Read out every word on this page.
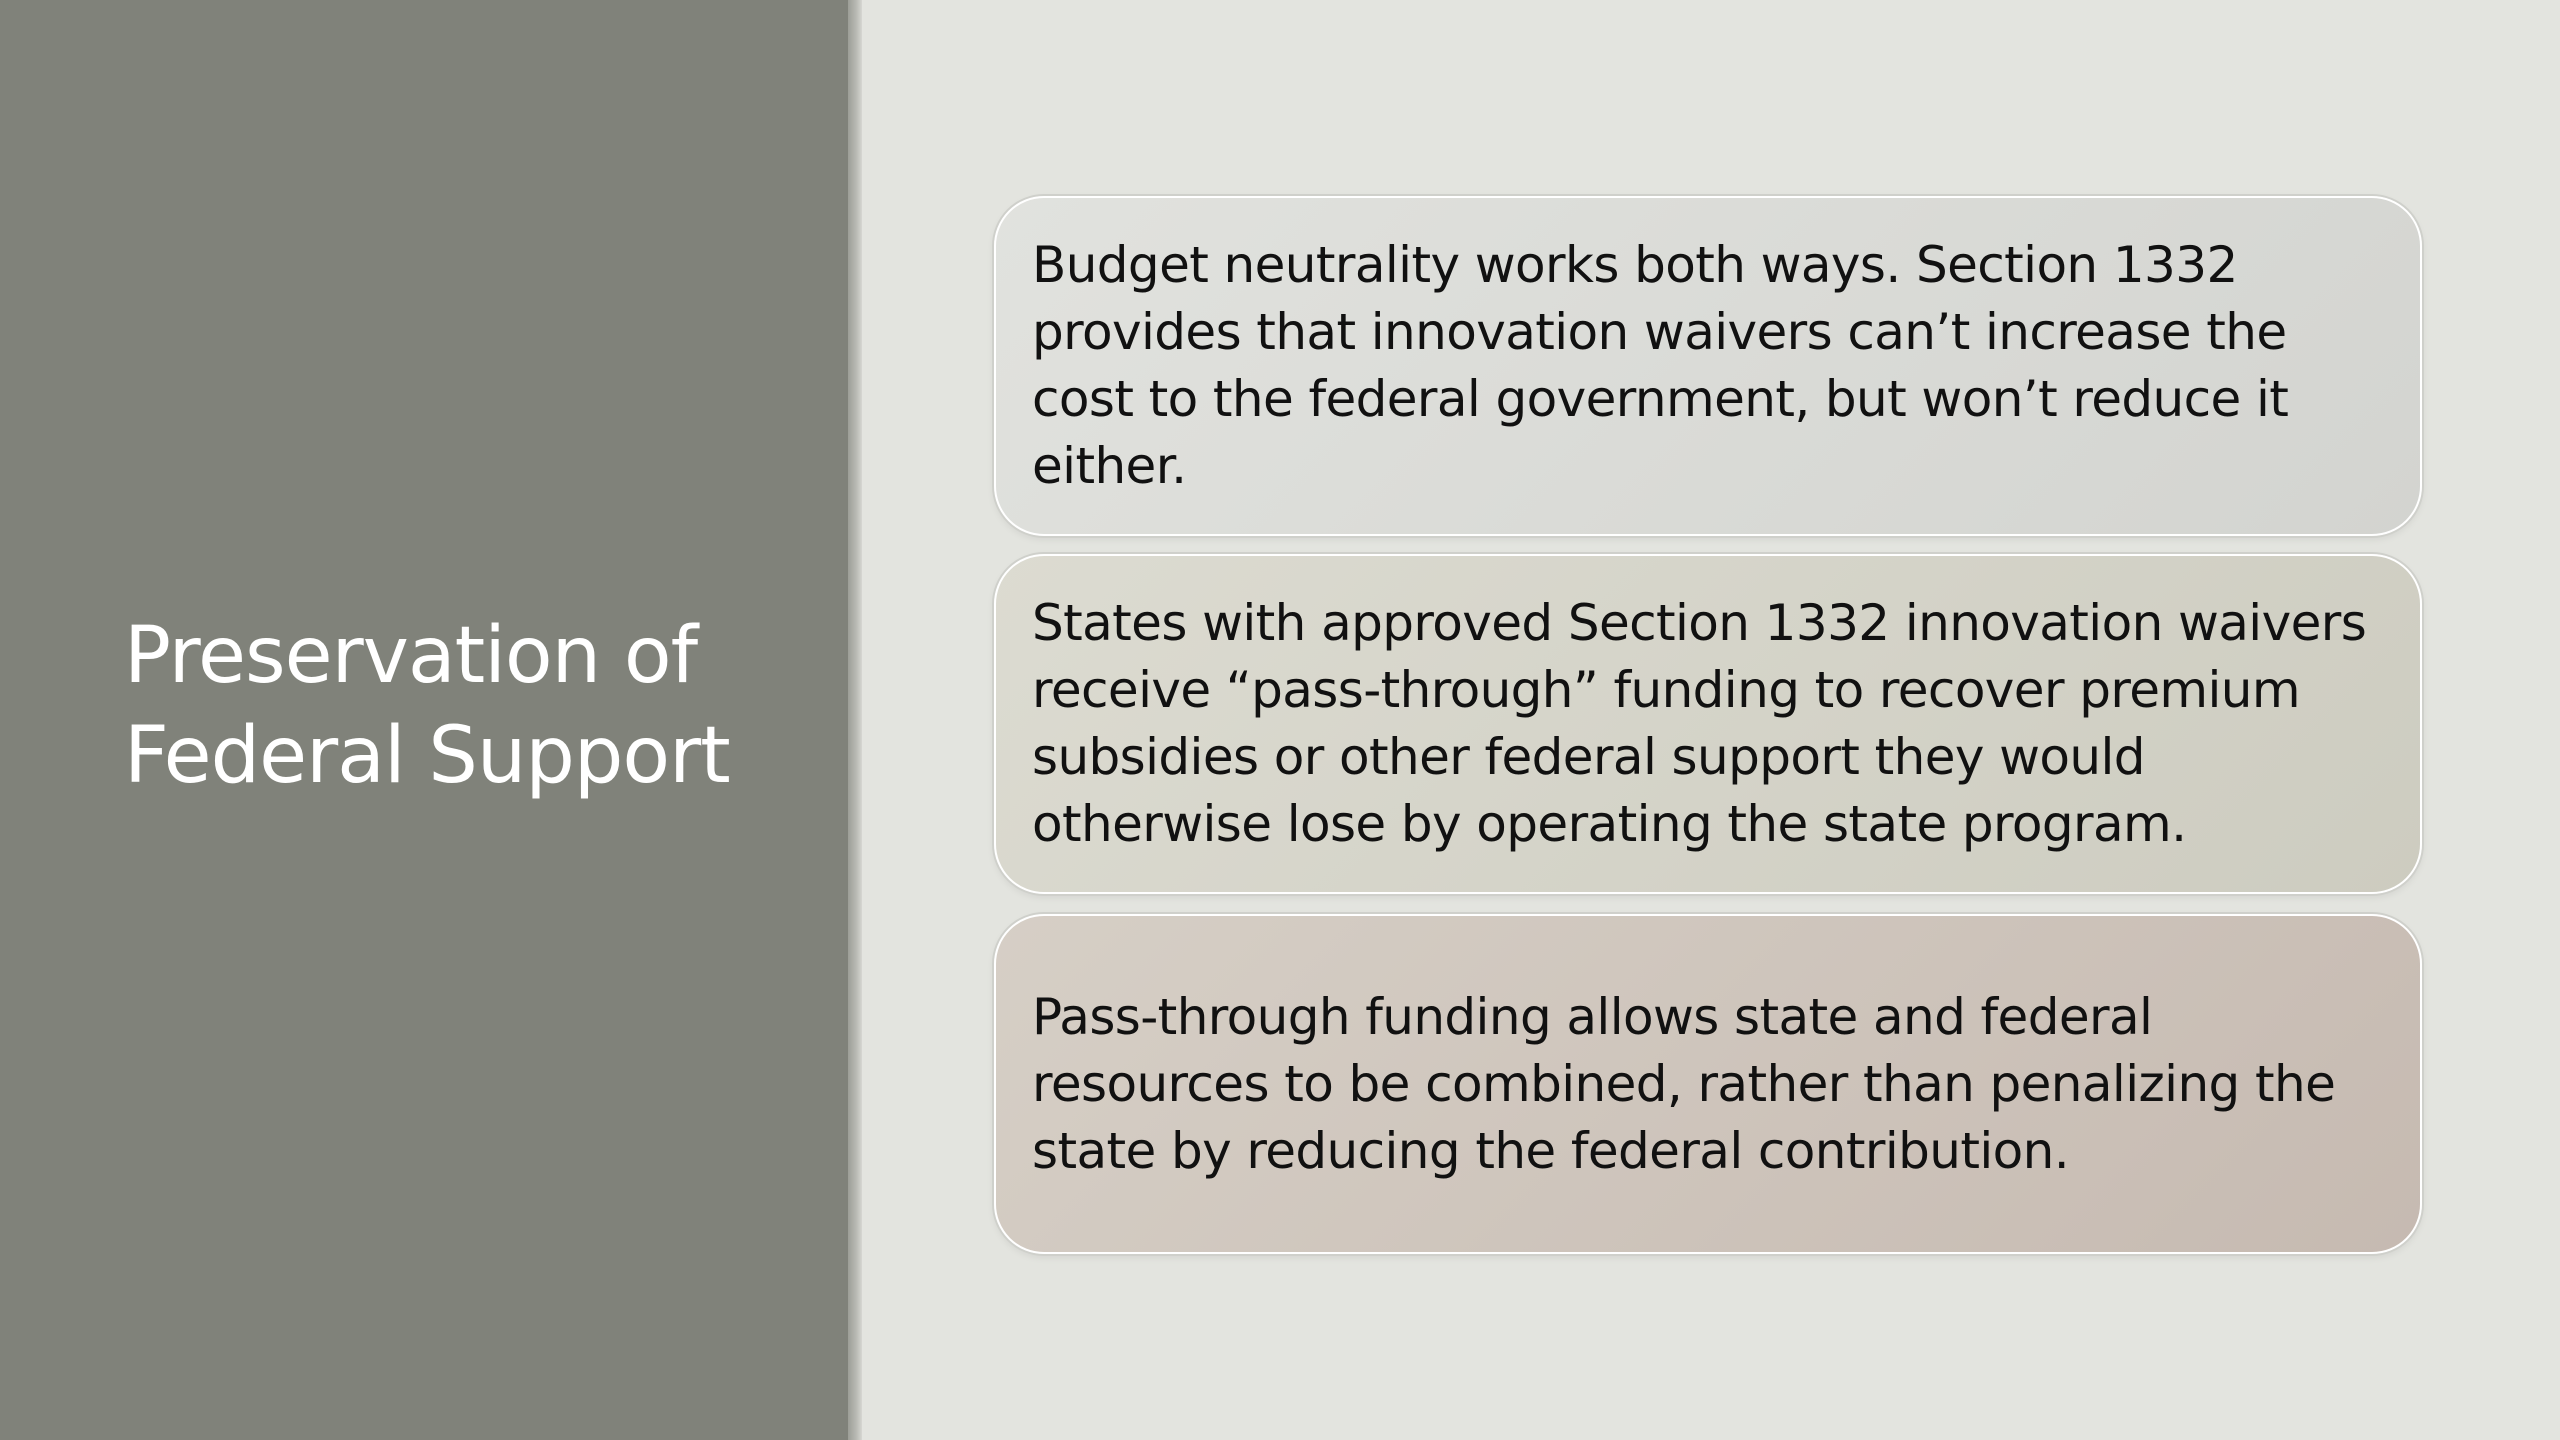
Preservation of Federal Support

Budget neutrality works both ways. Section 1332 provides that innovation waivers can’t increase the cost to the federal government, but won’t reduce it either.

States with approved Section 1332 innovation waivers receive “pass-through” funding to recover premium subsidies or other federal support they would otherwise lose by operating the state program.

Pass-through funding allows state and federal resources to be combined, rather than penalizing the state by reducing the federal contribution.
